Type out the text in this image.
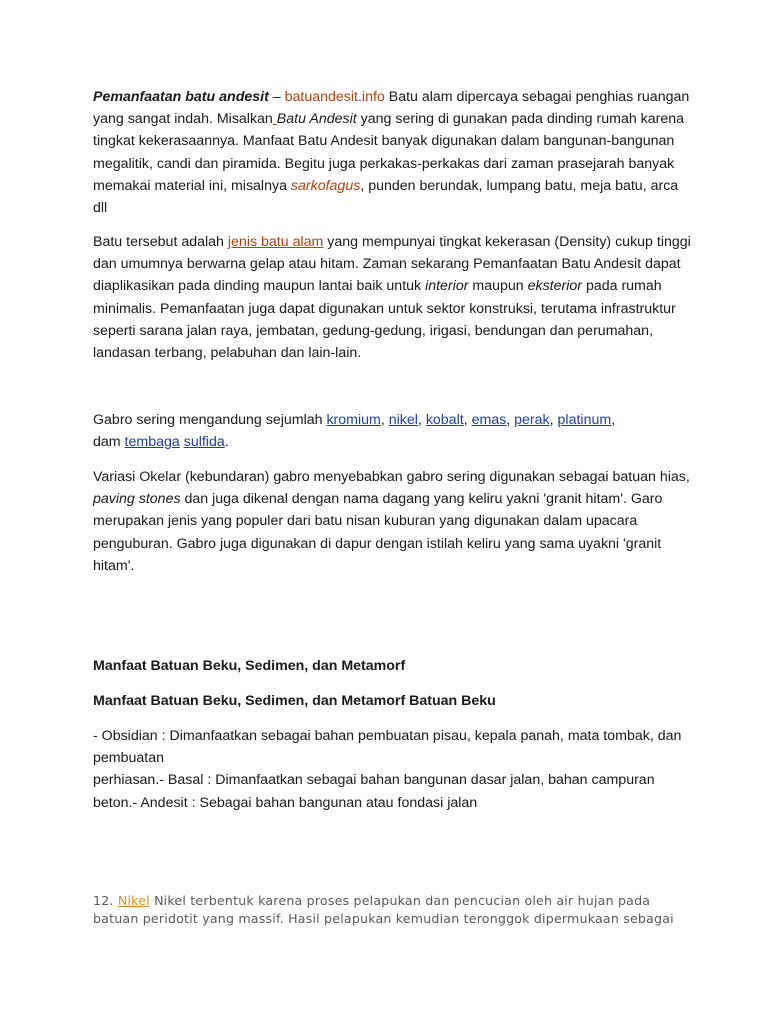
Pemanfaatan batu andesit – batuandesit.info Batu alam dipercaya sebagai penghias ruangan yang sangat indah. Misalkan Batu Andesit yang sering di gunakan pada dinding rumah karena tingkat kekerasaannya. Manfaat Batu Andesit banyak digunakan dalam bangunan-bangunan megalitik, candi dan piramida. Begitu juga perkakas-perkakas dari zaman prasejarah banyak memakai material ini, misalnya sarkofagus, punden berundak, lumpang batu, meja batu, arca dll

Batu tersebut adalah jenis batu alam yang mempunyai tingkat kekerasan (Density) cukup tinggi dan umumnya berwarna gelap atau hitam. Zaman sekarang Pemanfaatan Batu Andesit dapat diaplikasikan pada dinding maupun lantai baik untuk interior maupun eksterior pada rumah minimalis. Pemanfaatan juga dapat digunakan untuk sektor konstruksi, terutama infrastruktur seperti sarana jalan raya, jembatan, gedung-gedung, irigasi, bendungan dan perumahan, landasan terbang, pelabuhan dan lain-lain.

Gabro sering mengandung sejumlah kromium, nikel, kobalt, emas, perak, platinum,
dam tembaga sulfida.

Variasi Okelar (kebundaran) gabro menyebabkan gabro sering digunakan sebagai batuan hias, paving stones dan juga dikenal dengan nama dagang yang keliru yakni 'granit hitam'. Garo merupakan jenis yang populer dari batu nisan kuburan yang digunakan dalam upacara penguburan. Gabro juga digunakan di dapur dengan istilah keliru yang sama uyakni 'granit hitam'.

Manfaat Batuan Beku, Sedimen, dan Metamorf

Manfaat Batuan Beku, Sedimen, dan Metamorf Batuan Beku

- Obsidian : Dimanfaatkan sebagai bahan pembuatan pisau, kepala panah, mata tombak, dan pembuatan
perhiasan.- Basal : Dimanfaatkan sebagai bahan bangunan dasar jalan, bahan campuran beton.- Andesit : Sebagai bahan bangunan atau fondasi jalan

12. Nikel Nikel terbentuk karena proses pelapukan dan pencucian oleh air hujan pada batuan peridotit yang massif. Hasil pelapukan kemudian teronggok dipermukaan sebagai
